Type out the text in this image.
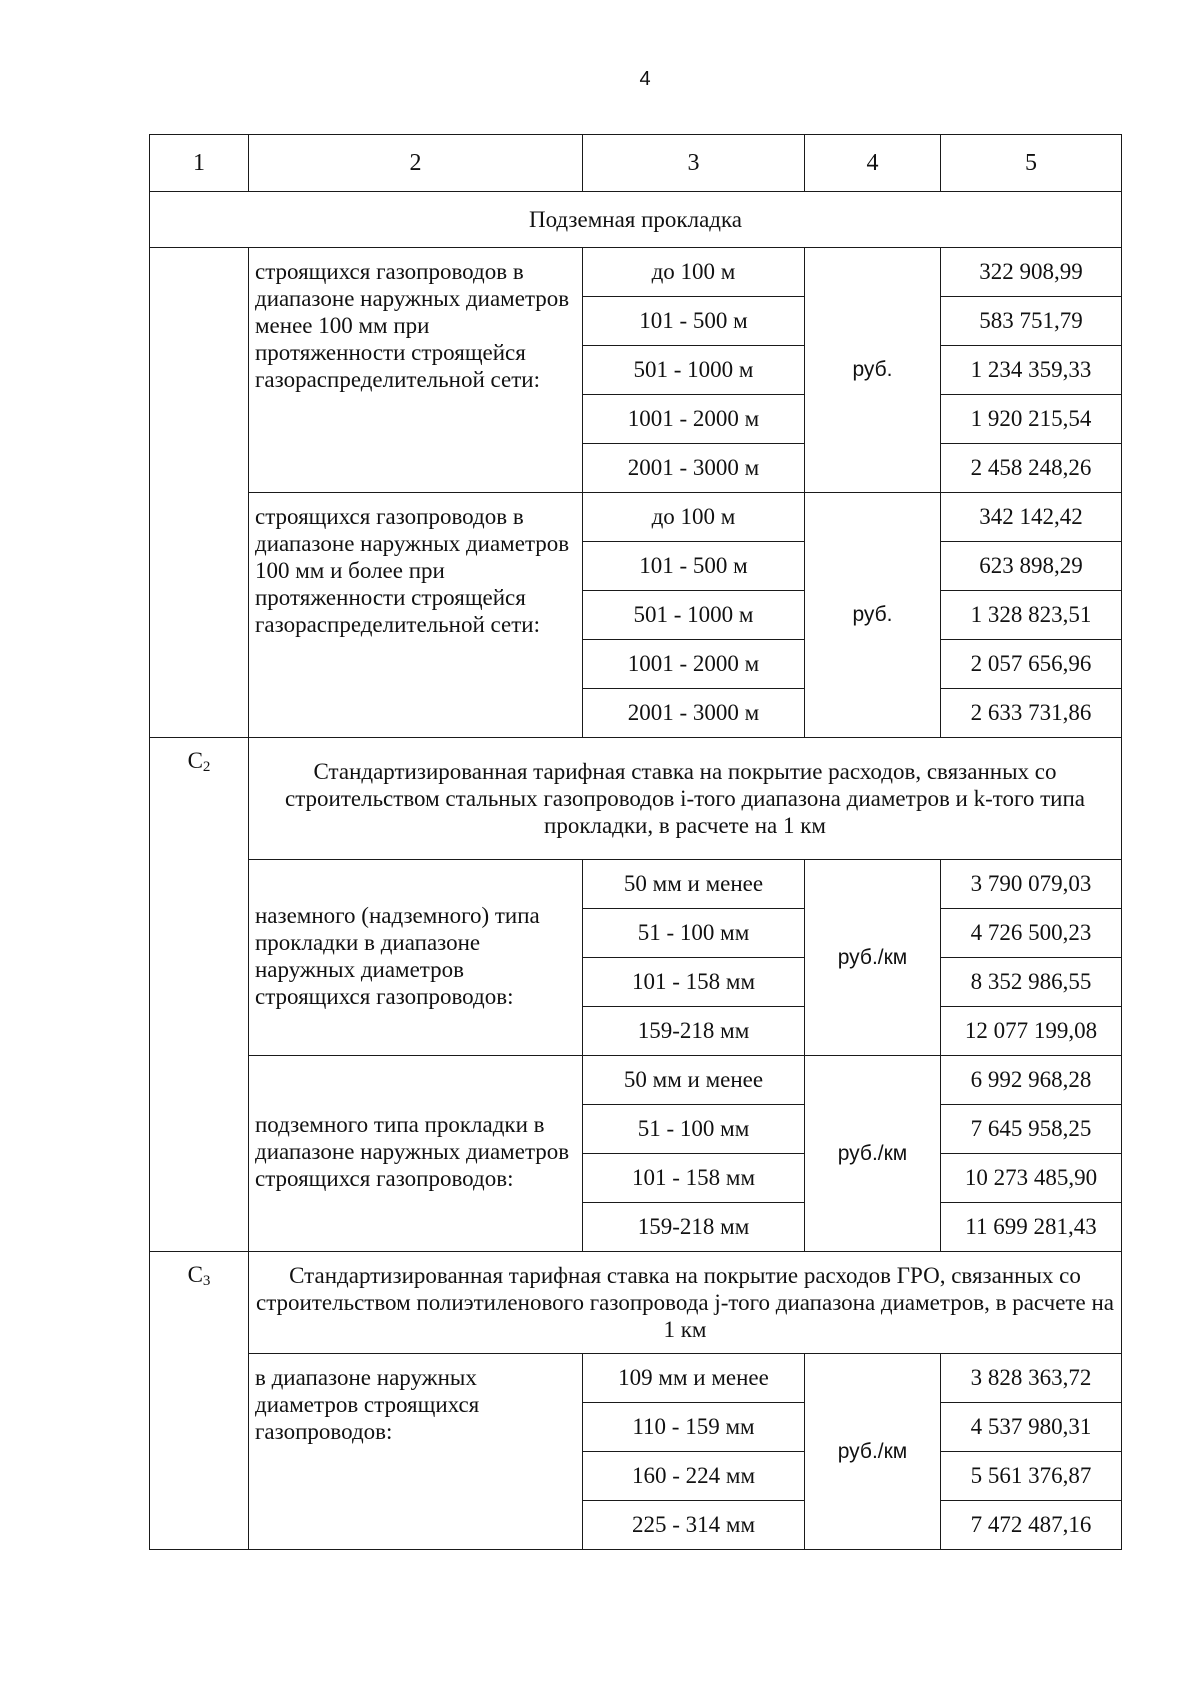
4
1	2	3	4	5
Подземная прокладка				
	строящихся газопроводов в диапазоне наружных диаметров менее 100 мм при протяженности строящейся газораспределительной сети:	до 100 м	руб.	322 908,99
		101 - 500 м		583 751,79
		501 - 1000 м		1 234 359,33
		1001 - 2000 м		1 920 215,54
		2001 - 3000 м		2 458 248,26
	строящихся газопроводов в диапазоне наружных диаметров 100 мм и более при протяженности строящейся газораспределительной сети:	до 100 м	руб.	342 142,42
		101 - 500 м		623 898,29
		501 - 1000 м		1 328 823,51
		1001 - 2000 м		2 057 656,96
		2001 - 3000 м		2 633 731,86
$C_2$	Стандартизированная тарифная ставка на покрытие расходов, связанных со строительством стальных газопроводов i-того диапазона диаметров и k-того типа прокладки, в расчете на 1 км			
	наземного (надземного) типа прокладки в диапазоне наружных диаметров строящихся газопроводов:	50 мм и менее	руб./км	3 790 079,03
		51 - 100 мм		4 726 500,23
		101 - 158 мм		8 352 986,55
		159-218 мм		12 077 199,08
	подземного типа прокладки в диапазоне наружных диаметров строящихся газопроводов:	50 мм и менее	руб./км	6 992 968,28
		51 - 100 мм		7 645 958,25
		101 - 158 мм		10 273 485,90
		159-218 мм		11 699 281,43
$C_3$	Стандартизированная тарифная ставка на покрытие расходов ГРО, связанных со строительством полиэтиленового газопровода j-того диапазона диаметров, в расчете на 1 км			
	в диапазоне наружных диаметров строящихся газопроводов:	109 мм и менее	руб./км	3 828 363,72
		110 - 159 мм		4 537 980,31
		160 - 224 мм		5 561 376,87
		225 - 314 мм		7 472 487,16
